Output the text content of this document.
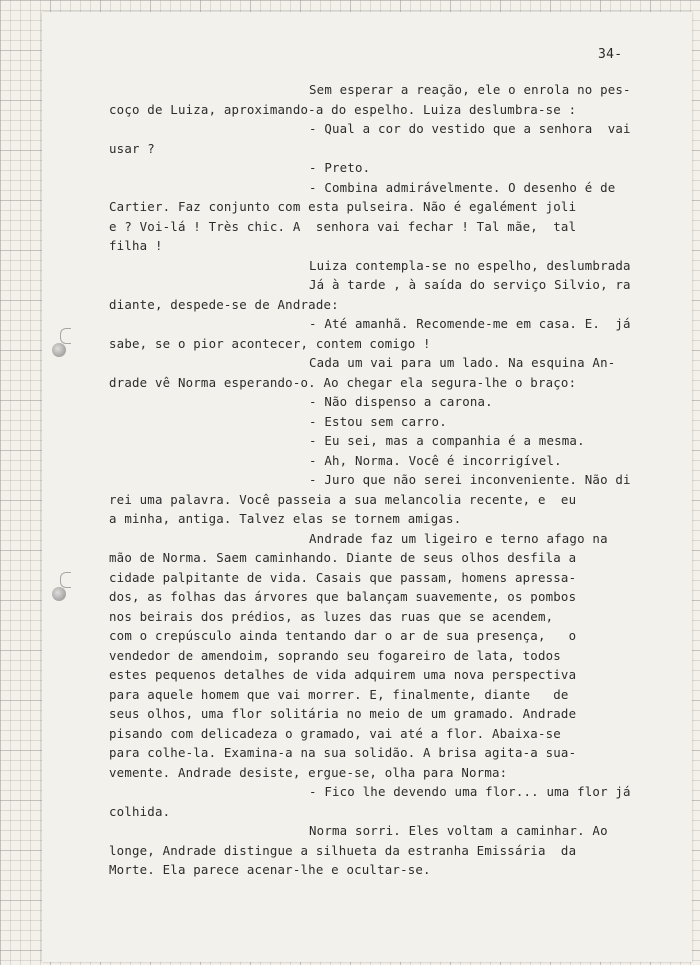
34-
Sem esperar a reação, ele o enrola no pes-
coço de Luiza, aproximando-a do espelho. Luiza deslumbra-se :
- Qual a cor do vestido que a senhora  vai
usar ?
- Preto.
- Combina admirávelmente. O desenho é de
Cartier. Faz conjunto com esta pulseira. Não é egalément joli
e ? Voi-lá ! Très chic. A  senhora vai fechar ! Tal mãe,  tal
filha !
Luiza contempla-se no espelho, deslumbrada
Já à tarde , à saída do serviço Silvio, ra
diante, despede-se de Andrade:
- Até amanhã. Recomende-me em casa. E.  já
sabe, se o pior acontecer, contem comigo !
Cada um vai para um lado. Na esquina An-
drade vê Norma esperando-o. Ao chegar ela segura-lhe o braço:
- Não dispenso a carona.
- Estou sem carro.
- Eu sei, mas a companhia é a mesma.
- Ah, Norma. Você é incorrigível.
- Juro que não serei inconveniente. Não di
rei uma palavra. Você passeia a sua melancolia recente, e  eu
a minha, antiga. Talvez elas se tornem amigas.
Andrade faz um ligeiro e terno afago na
mão de Norma. Saem caminhando. Diante de seus olhos desfila a
cidade palpitante de vida. Casais que passam, homens apressa-
dos, as folhas das árvores que balançam suavemente, os pombos
nos beirais dos prédios, as luzes das ruas que se acendem,
com o crepúsculo ainda tentando dar o ar de sua presença,   o
vendedor de amendoim, soprando seu fogareiro de lata, todos
estes pequenos detalhes de vida adquirem uma nova perspectiva
para aquele homem que vai morrer. E, finalmente, diante   de
seus olhos, uma flor solitária no meio de um gramado. Andrade
pisando com delicadeza o gramado, vai até a flor. Abaixa-se
para colhe-la. Examina-a na sua solidão. A brisa agita-a sua-
vemente. Andrade desiste, ergue-se, olha para Norma:
- Fico lhe devendo uma flor... uma flor já
colhida.
Norma sorri. Eles voltam a caminhar. Ao
longe, Andrade distingue a silhueta da estranha Emissária  da
Morte. Ela parece acenar-lhe e ocultar-se.
